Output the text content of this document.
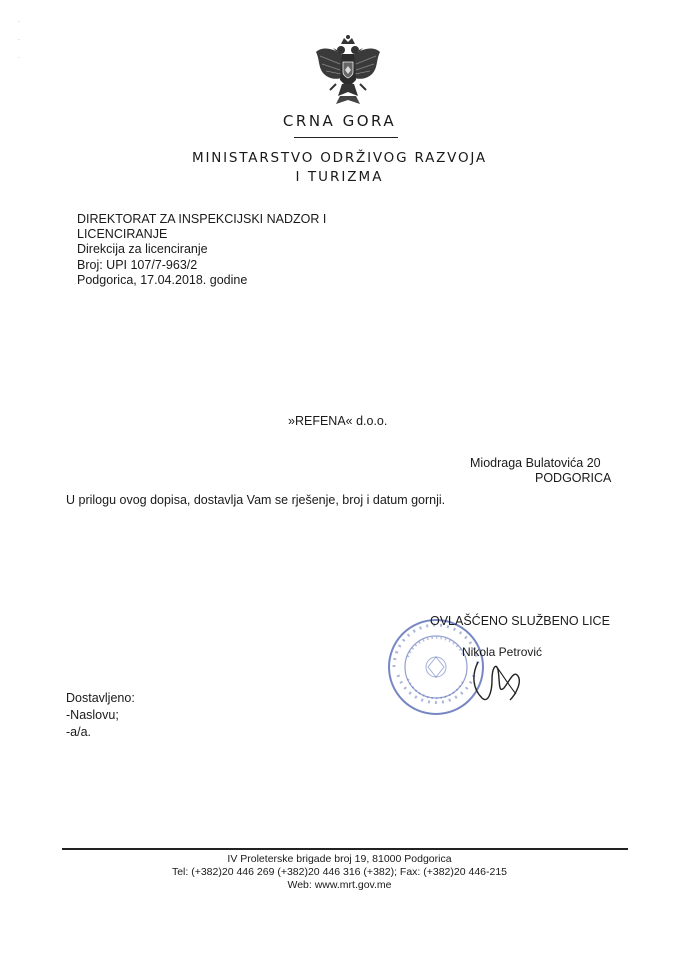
˙
˙
˙
CRNA GORA
MINISTARSTVO ODRŽIVOG RAZVOJA
I TURIZMA
DIREKTORAT ZA INSPEKCIJSKI NADZOR I
LICENCIRANJE
Direkcija za licenciranje
Broj: UPI 107/7-963/2
Podgorica, 17.04.2018. godine
»REFENA« d.o.o.
Miodraga Bulatovića 20
PODGORICA
U prilogu ovog dopisa, dostavlja Vam se rješenje, broj i datum gornji.
OVLAŠĆENO SLUŽBENO LICE
Nikola Petrović
Dostavljeno:
-Naslovu;
-a/a.
IV Proleterske brigade broj 19, 81000 Podgorica
Tel: (+382)20 446 269 (+382)20 446 316 (+382); Fax: (+382)20 446-215
Web: www.mrt.gov.me
